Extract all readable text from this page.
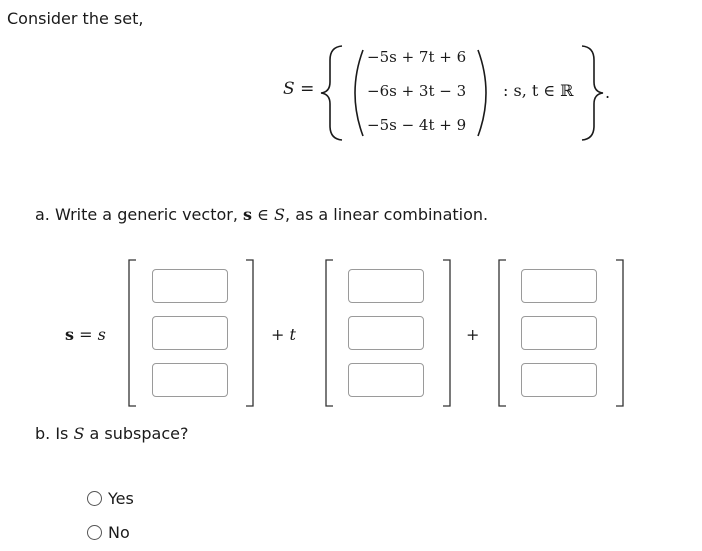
Consider the set,
S =
−5s + 7t + 6
−6s + 3t − 3
−5s − 4t + 9
: s, t ∈ ℝ .
a. Write a generic vector, s ∈ S, as a linear combination.
s = s	+ t	+
b. Is S a subspace?
Yes
No
